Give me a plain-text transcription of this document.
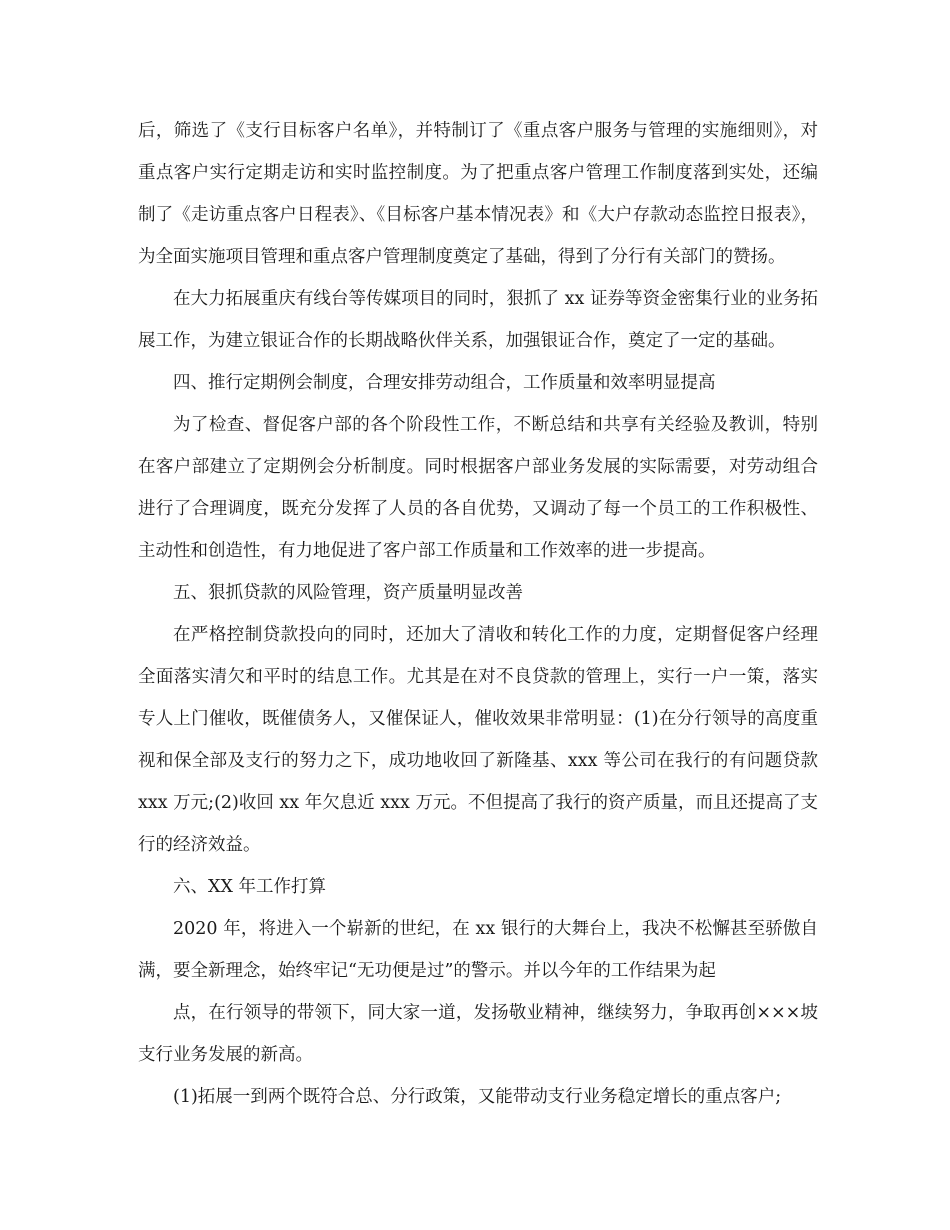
后，筛选了《支行目标客户名单》，并特制订了《重点客户服务与管理的实施细则》，对重点客户实行定期走访和实时监控制度。为了把重点客户管理工作制度落到实处，还编制了《走访重点客户日程表》、《目标客户基本情况表》和《大户存款动态监控日报表》，为全面实施项目管理和重点客户管理制度奠定了基础，得到了分行有关部门的赞扬。

在大力拓展重庆有线台等传媒项目的同时，狠抓了 xx 证券等资金密集行业的业务拓展工作，为建立银证合作的长期战略伙伴关系，加强银证合作，奠定了一定的基础。

四、推行定期例会制度，合理安排劳动组合，工作质量和效率明显提高

为了检查、督促客户部的各个阶段性工作，不断总结和共享有关经验及教训，特别在客户部建立了定期例会分析制度。同时根据客户部业务发展的实际需要，对劳动组合进行了合理调度，既充分发挥了人员的各自优势，又调动了每一个员工的工作积极性、主动性和创造性，有力地促进了客户部工作质量和工作效率的进一步提高。

五、狠抓贷款的风险管理，资产质量明显改善

在严格控制贷款投向的同时，还加大了清收和转化工作的力度，定期督促客户经理全面落实清欠和平时的结息工作。尤其是在对不良贷款的管理上，实行一户一策，落实专人上门催收，既催债务人，又催保证人，催收效果非常明显：(1)在分行领导的高度重视和保全部及支行的努力之下，成功地收回了新隆基、xxx 等公司在我行的有问题贷款 xxx 万元;(2)收回 xx 年欠息近 xxx 万元。不但提高了我行的资产质量，而且还提高了支行的经济效益。

六、XX 年工作打算

2020 年，将进入一个崭新的世纪，在 xx 银行的大舞台上，我决不松懈甚至骄傲自满，要全新理念，始终牢记“无功便是过”的警示。并以今年的工作结果为起

点，在行领导的带领下，同大家一道，发扬敬业精神，继续努力，争取再创×××坡支行业务发展的新高。

(1)拓展一到两个既符合总、分行政策，又能带动支行业务稳定增长的重点客户;
